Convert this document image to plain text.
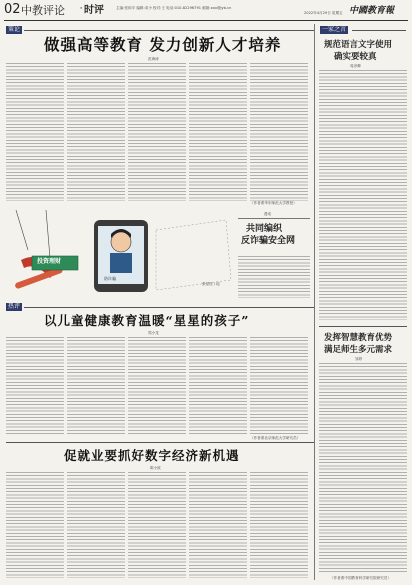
02 中教评论	· 时评	主编:张和平 编辑:邓小 校对:王 电话:010-82296791 邮箱:xxx@jyb.cn
2022年4月29日 星期五 中國教育報
策论
做强高等教育 发力创新人才培养
范海涛
（作者系华东师范大学教授）
投资理财
防诈骗
张星桂 / 绘
漫话
共同编织
反诈骗安全网
热评
以儿童健康教育温暖“星星的孩子”
郑小龙
（作者系北京师范大学研究员）
促就业要抓好数字经济新机遇
陈小波
一家之言
规范语言文字使用
确实要较真
周彦卿
发挥智慧教育优势
满足师生多元需求
邹婷
（作者系中国教育科学研究院研究员）
